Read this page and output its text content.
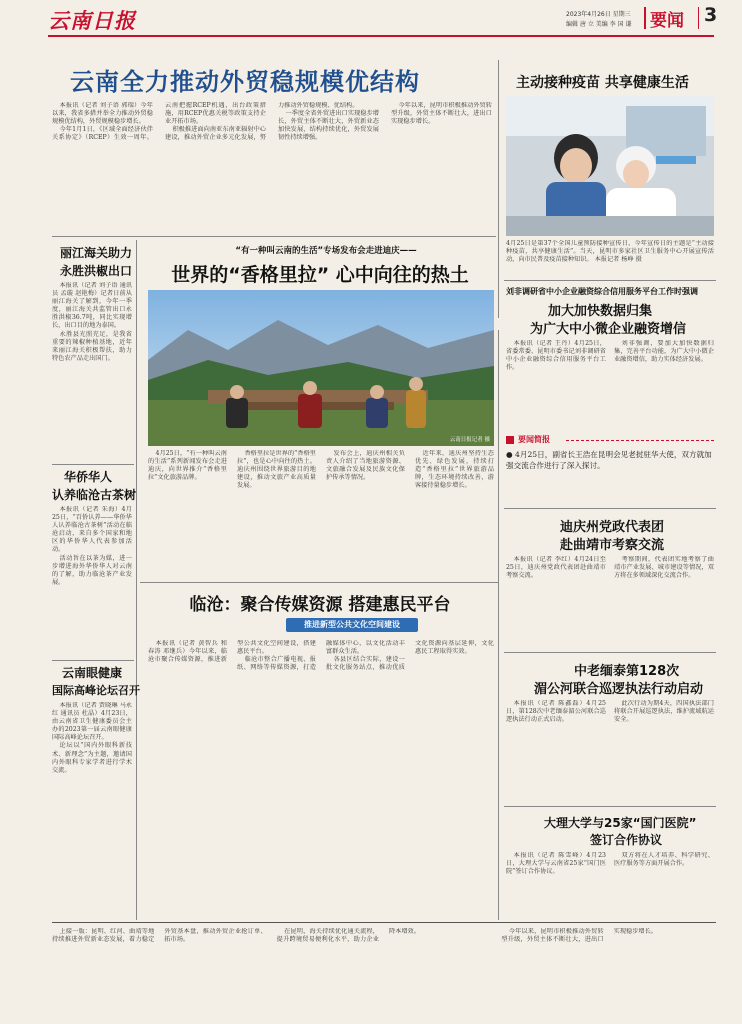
云南日报	2023年4月26日 星期三
编辑 唐 立 美编 李 国 谦 要闻 3
云南全力推动外贸稳规模优结构
本报讯（记者 刘子语 郭瑞）今年以来，我省多措并举全力推动外贸稳规模优结构，外贸规模稳步增长。
今年1月1日，《区域全面经济伙伴关系协定》（RCEP）生效一周年。云南把握RCEP机遇，出台政策措施，用RCEP优惠关税等政策支持企业开拓市场。
积极推进面向南亚东南亚辐射中心建设，推动外贸企业多元化发展，努力推动外贸稳规模、优结构。
一季度全省外贸进出口实现稳步增长，外贸主体不断壮大，外贸新业态加快发展，结构持续优化，外贸发展韧性持续增强。
今年以来，昆明市积极推动外贸转型升级，外贸主体不断壮大，进出口实现稳步增长。
主动接种疫苗 共享健康生活
4月25日是第37个全国儿童预防接种宣传日，今年宣传日的主题是“主动接种疫苗，共享健康生活”。当天，昆明市多家社区卫生服务中心开展宣传活动，向市民普及疫苗接种知识。 本报记者 杨峥 摄
刘非调研省中小企业融资综合信用服务平台工作时强调
加大加快数据归集
为广大中小微企业融资增信
本报讯（记者 王丹）4月25日，省委常委、昆明市委书记刘非调研省中小企业融资综合信用服务平台工作。
刘非强调，要加大加快数据归集，完善平台功能，为广大中小微企业融资增信，助力实体经济发展。
要闻简报
● 4月25日，副省长王浩在昆明会见老挝驻华大使，双方就加强交流合作进行了深入探讨。
迪庆州党政代表团
赴曲靖市考察交流
本报讯（记者 李红）4月24日至25日，迪庆州党政代表团赴曲靖市考察交流。
考察期间，代表团实地考察了曲靖市产业发展、城市建设等情况，双方将在多领域深化交流合作。
中老缅泰第128次
湄公河联合巡逻执法行动启动
本报讯（记者 陈鑫磊）4月25日，第128次中老缅泰湄公河联合巡逻执法行动正式启动。
此次行动为期4天，四国执法部门将联合开展巡逻执法，维护流域航运安全。
大理大学与25家“国门医院”
签订合作协议
本报讯（记者 陈雪峰）4月23日，大理大学与云南省25家“国门医院”签订合作协议。
双方将在人才培养、科学研究、医疗服务等方面开展合作。
丽江海关助力
永胜洪椒出口
本报讯（记者 刘子语 通讯员 孟璇 赵艳梅）记者日前从丽江海关了解到，今年一季度，丽江海关共监管出口永胜洪椒36.7吨，同比实现增长，出口目的地为泰国。
永胜县光照充足，是我省重要的辣椒种植基地，近年来丽江海关积极帮扶，助力特色农产品走出国门。
华侨华人
认养临沧古茶树
本报讯（记者 朱海）4月25日，“百侨认养——华侨华人认养临沧古茶树”活动在临沧启动，来自多个国家和地区的华侨华人代表参加活动。
活动旨在以茶为媒，进一步增进海外华侨华人对云南的了解，助力临沧茶产业发展。
云南眼健康
国际高峰论坛召开
本报讯（记者 贾晓琳 马永红 通讯员 杜晶）4月23日，由云南省卫生健康委员会主办的2023第一届云南眼健康国际高峰论坛召开。
论坛以“国内外眼科新技术、新理念”为主题，邀请国内外眼科专家学者进行学术交流。
“有一种叫云南的生活”专场发布会走进迪庆——
世界的“香格里拉” 心中向往的热土
云南日报记者 摄
4月25日，“有一种叫云南的生活”系列新闻发布会走进迪庆，向世界推介“香格里拉”文化旅游品牌。
香格里拉是世界的“香格里拉”，也是心中向往的热土。迪庆州围绕世界旅游目的地建设，推动文旅产业高质量发展。
发布会上，迪庆州相关负责人介绍了当地旅游资源、文旅融合发展及民族文化保护传承等情况。
近年来，迪庆州坚持生态优先、绿色发展，持续打造“香格里拉”世界旅游品牌，生态环境持续改善，游客接待量稳步增长。
临沧：聚合传媒资源 搭建惠民平台
推进新型公共文化空间建设
本报讯（记者 黄智兵 和春涛 邓继兵）今年以来，临沧市聚合传媒资源，推进新型公共文化空间建设，搭建惠民平台。
临沧市整合广播电视、报纸、网络等传媒资源，打造融媒体中心，以文化活动丰富群众生活。
各县区结合实际，建设一批文化服务站点，推动优质文化资源向基层延伸，文化惠民工程取得实效。
上接一版：昆明、红河、曲靖等地持续推进外贸新业态发展，着力稳定外贸基本盘，推动外贸企业抢订单、拓市场。
在昆明，海关持续优化通关流程，提升跨境贸易便利化水平，助力企业降本增效。	今年以来，昆明市积极推动外贸转型升级，外贸主体不断壮大，进出口实现稳步增长。
